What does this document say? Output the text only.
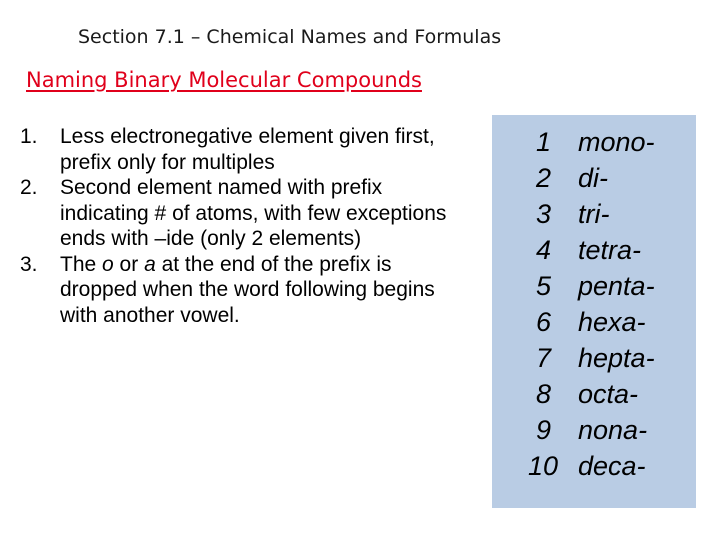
Section 7.1 – Chemical Names and Formulas
Naming Binary Molecular Compounds
1.	Less electronegative element given first, prefix only for multiples
2.	Second element named with prefix indicating # of atoms, with few exceptions ends with –ide (only 2 elements)
3.	The o or a at the end of the prefix is dropped when the word following begins with another vowel.
1 mono-
2 di-
3 tri-
4 tetra-
5 penta-
6 hexa-
7 hepta-
8 octa-
9 nona-
10 deca-
